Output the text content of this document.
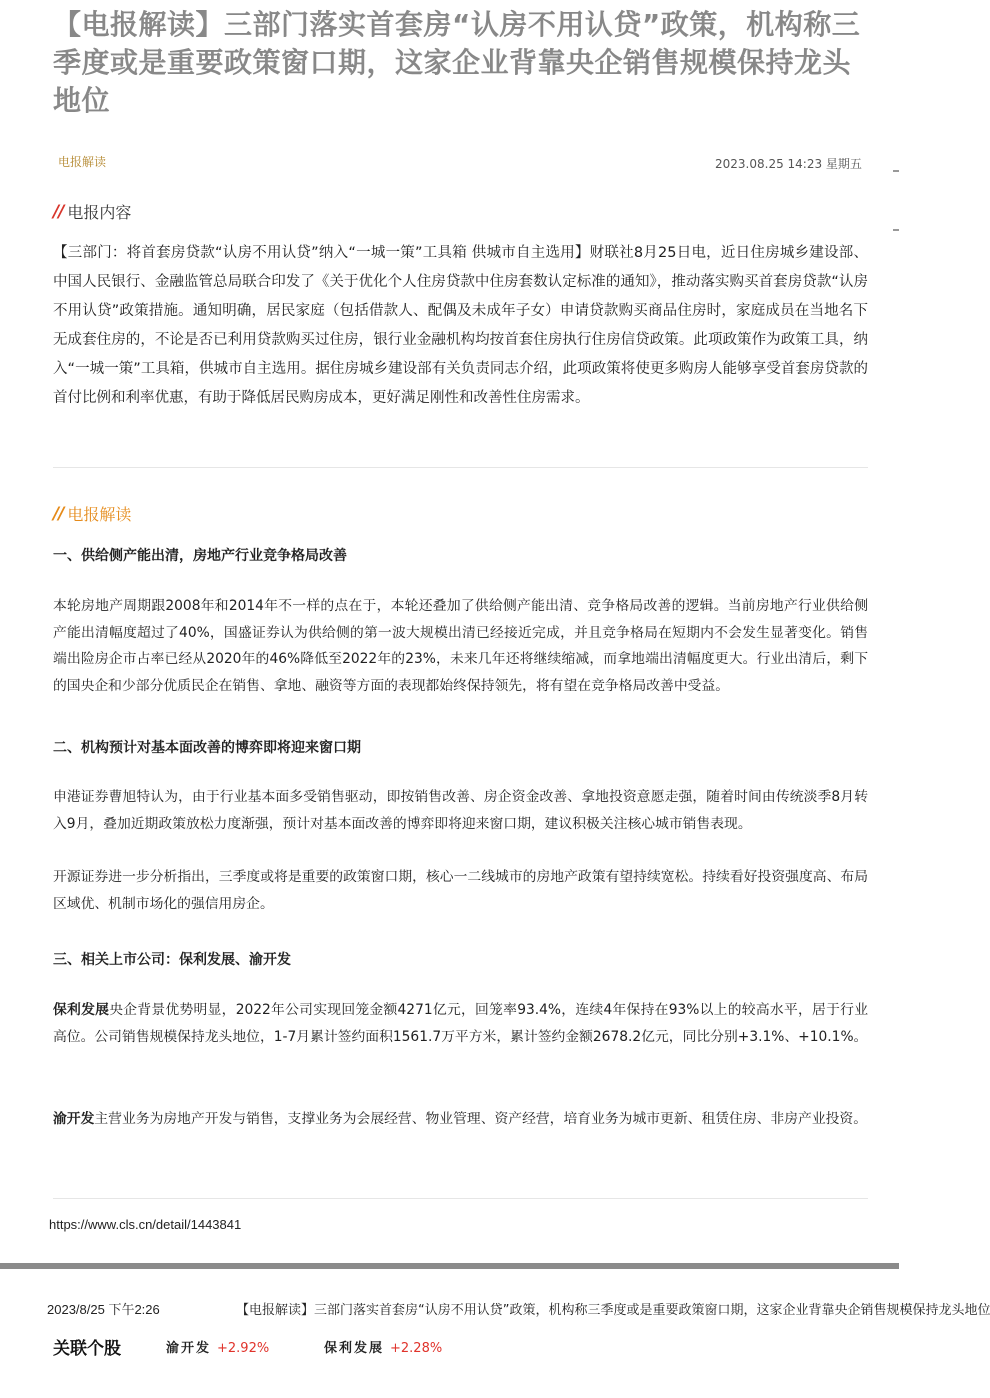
【电报解读】三部门落实首套房“认房不用认贷”政策，机构称三季度或是重要政策窗口期，这家企业背靠央企销售规模保持龙头地位
电报解读	2023.08.25 14:23 星期五
// 电报内容

【三部门：将首套房贷款“认房不用认贷”纳入“一城一策”工具箱 供城市自主选用】财联社8月25日电，近日住房城乡建设部、中国人民银行、金融监管总局联合印发了《关于优化个人住房贷款中住房套数认定标准的通知》，推动落实购买首套房贷款“认房不用认贷”政策措施。通知明确，居民家庭（包括借款人、配偶及未成年子女）申请贷款购买商品住房时，家庭成员在当地名下无成套住房的，不论是否已利用贷款购买过住房，银行业金融机构均按首套住房执行住房信贷政策。此项政策作为政策工具，纳入“一城一策”工具箱，供城市自主选用。据住房城乡建设部有关负责同志介绍，此项政策将使更多购房人能够享受首套房贷款的首付比例和利率优惠，有助于降低居民购房成本，更好满足刚性和改善性住房需求。

// 电报解读
一、供给侧产能出清，房地产行业竞争格局改善

本轮房地产周期跟2008年和2014年不一样的点在于，本轮还叠加了供给侧产能出清、竞争格局改善的逻辑。当前房地产行业供给侧产能出清幅度超过了40%，国盛证券认为供给侧的第一波大规模出清已经接近完成，并且竞争格局在短期内不会发生显著变化。销售端出险房企市占率已经从2020年的46%降低至2022年的23%，未来几年还将继续缩减，而拿地端出清幅度更大。行业出清后，剩下的国央企和少部分优质民企在销售、拿地、融资等方面的表现都始终保持领先，将有望在竞争格局改善中受益。

二、机构预计对基本面改善的博弈即将迎来窗口期

申港证券曹旭特认为，由于行业基本面多受销售驱动，即按销售改善、房企资金改善、拿地投资意愿走强，随着时间由传统淡季8月转入9月，叠加近期政策放松力度渐强，预计对基本面改善的博弈即将迎来窗口期，建议积极关注核心城市销售表现。

开源证券进一步分析指出，三季度或将是重要的政策窗口期，核心一二线城市的房地产政策有望持续宽松。持续看好投资强度高、布局区域优、机制市场化的强信用房企。

三、相关上市公司：保利发展、渝开发

保利发展央企背景优势明显，2022年公司实现回笼金额4271亿元，回笼率93.4%，连续4年保持在93%以上的较高水平，居于行业高位。公司销售规模保持龙头地位，1-7月累计签约面积1561.7万平方米，累计签约金额2678.2亿元，同比分别+3.1%、+10.1%。

渝开发主营业务为房地产开发与销售，支撑业务为会展经营、物业管理、资产经营，培育业务为城市更新、租赁住房、非房产业投资。

https://www.cls.cn/detail/1443841
2023/8/25 下午2:26	【电报解读】三部门落实首套房“认房不用认贷”政策，机构称三季度或是重要政策窗口期，这家企业背靠央企销售规模保持龙头地位
关联个股	渝开发 +2.92%	保利发展 +2.28%
